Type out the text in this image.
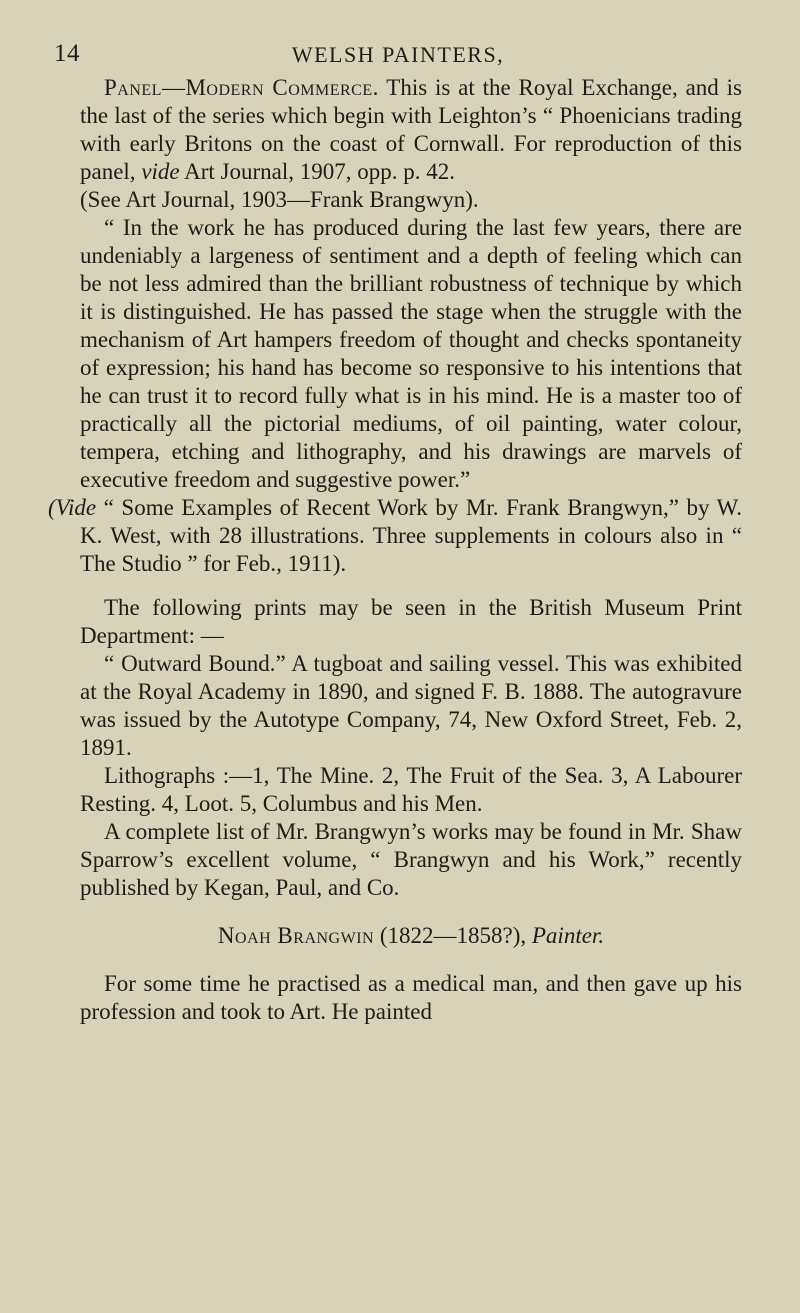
14	WELSH PAINTERS,

Panel—Modern Commerce. This is at the Royal Exchange, and is the last of the series which begin with Leighton’s “ Phoenicians trading with early Britons on the coast of Cornwall. For reproduction of this panel, vide Art Journal, 1907, opp. p. 42.

(See Art Journal, 1903—Frank Brangwyn).

“ In the work he has produced during the last few years, there are undeniably a largeness of sentiment and a depth of feeling which can be not less admired than the brilliant robustness of technique by which it is distinguished. He has passed the stage when the struggle with the mechanism of Art hampers freedom of thought and checks spontaneity of expression; his hand has become so responsive to his intentions that he can trust it to record fully what is in his mind. He is a master too of practically all the pictorial mediums, of oil painting, water colour, tempera, etching and lithography, and his drawings are marvels of executive freedom and suggestive power.”

(Vide “ Some Examples of Recent Work by Mr. Frank Brangwyn,” by W. K. West, with 28 illustrations. Three supplements in colours also in “ The Studio ” for Feb., 1911).

The following prints may be seen in the British Museum Print Department: —

“ Outward Bound.” A tugboat and sailing vessel. This was exhibited at the Royal Academy in 1890, and signed F. B. 1888. The autogravure was issued by the Autotype Company, 74, New Oxford Street, Feb. 2, 1891.

Lithographs :—1, The Mine. 2, The Fruit of the Sea. 3, A Labourer Resting. 4, Loot. 5, Columbus and his Men.

A complete list of Mr. Brangwyn’s works may be found in Mr. Shaw Sparrow’s excellent volume, “ Brangwyn and his Work,” recently published by Kegan, Paul, and Co.

Noah Brangwin (1822—1858?), Painter.

For some time he practised as a medical man, and then gave up his profession and took to Art. He painted
